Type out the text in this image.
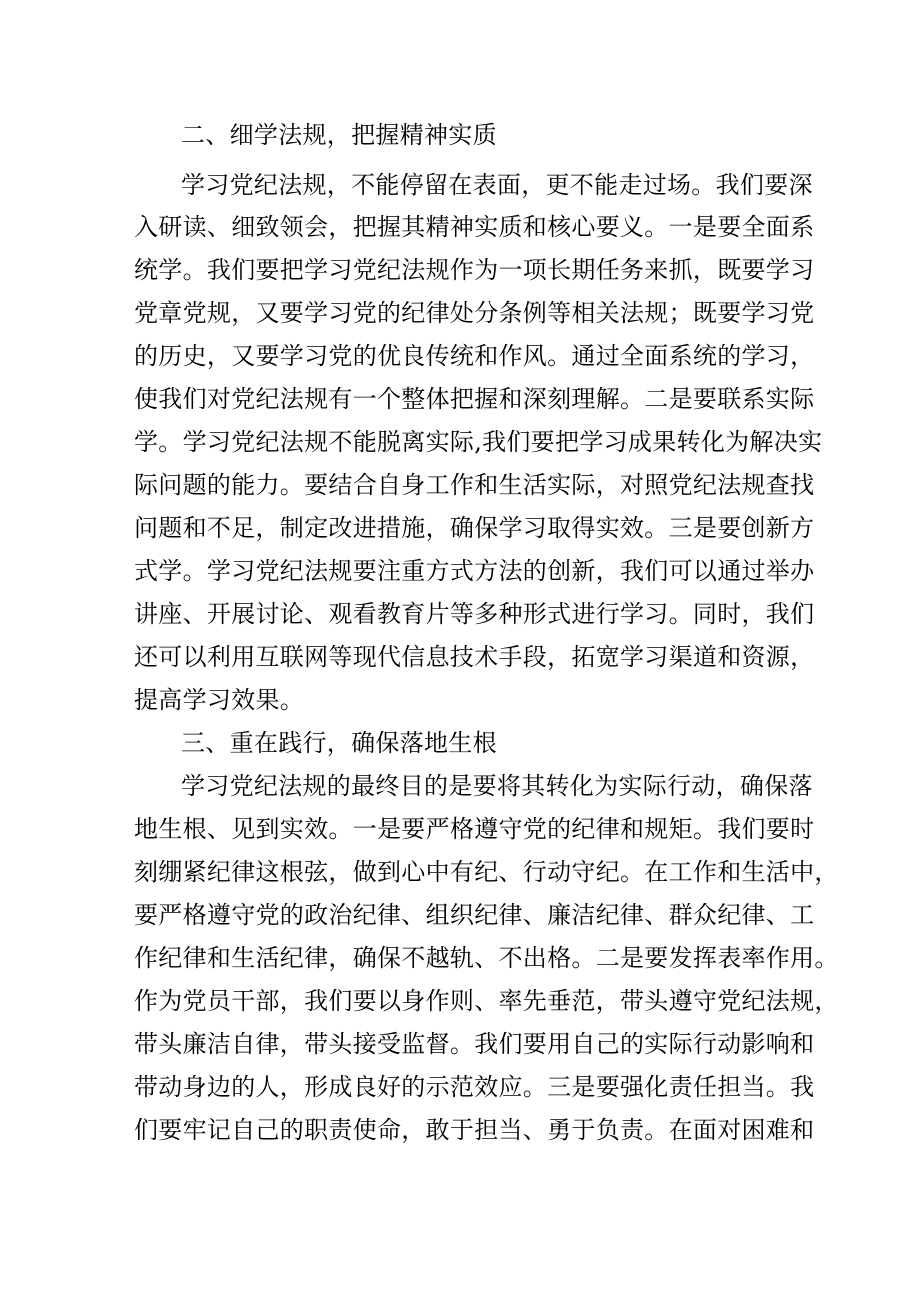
二、细学法规，把握精神实质
学习党纪法规，不能停留在表面，更不能走过场。我们要深
入研读、细致领会，把握其精神实质和核心要义。一是要全面系
统学。我们要把学习党纪法规作为一项长期任务来抓，既要学习
党章党规，又要学习党的纪律处分条例等相关法规；既要学习党
的历史，又要学习党的优良传统和作风。通过全面系统的学习，
使我们对党纪法规有一个整体把握和深刻理解。二是要联系实际
学。学习党纪法规不能脱离实际,我们要把学习成果转化为解决实
际问题的能力。要结合自身工作和生活实际，对照党纪法规查找
问题和不足，制定改进措施，确保学习取得实效。三是要创新方
式学。学习党纪法规要注重方式方法的创新，我们可以通过举办
讲座、开展讨论、观看教育片等多种形式进行学习。同时，我们
还可以利用互联网等现代信息技术手段，拓宽学习渠道和资源，
提高学习效果。
三、重在践行，确保落地生根
学习党纪法规的最终目的是要将其转化为实际行动，确保落
地生根、见到实效。一是要严格遵守党的纪律和规矩。我们要时
刻绷紧纪律这根弦，做到心中有纪、行动守纪。在工作和生活中，
要严格遵守党的政治纪律、组织纪律、廉洁纪律、群众纪律、工
作纪律和生活纪律，确保不越轨、不出格。二是要发挥表率作用。
作为党员干部，我们要以身作则、率先垂范，带头遵守党纪法规，
带头廉洁自律，带头接受监督。我们要用自己的实际行动影响和
带动身边的人，形成良好的示范效应。三是要强化责任担当。我
们要牢记自己的职责使命，敢于担当、勇于负责。在面对困难和
